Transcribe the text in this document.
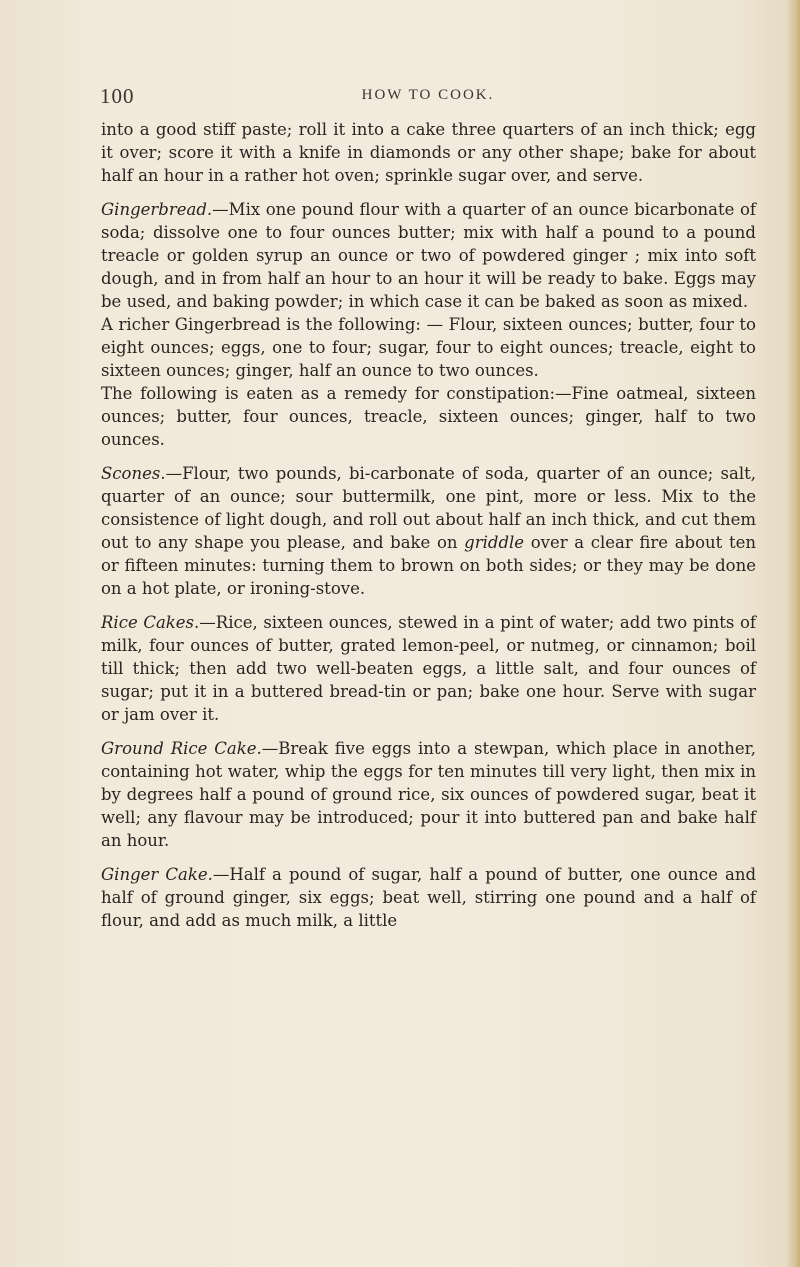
100	HOW TO COOK.

into a good stiff paste; roll it into a cake three quarters of an inch thick; egg it over; score it with a knife in diamonds or any other shape; bake for about half an hour in a rather hot oven; sprinkle sugar over, and serve.

Gingerbread.—Mix one pound flour with a quarter of an ounce bicarbonate of soda; dissolve one to four ounces butter; mix with half a pound to a pound treacle or golden syrup an ounce or two of powdered ginger ; mix into soft dough, and in from half an hour to an hour it will be ready to bake. Eggs may be used, and baking powder; in which case it can be baked as soon as mixed.

A richer Gingerbread is the following: — Flour, sixteen ounces; butter, four to eight ounces; eggs, one to four; sugar, four to eight ounces; treacle, eight to sixteen ounces; ginger, half an ounce to two ounces.

The following is eaten as a remedy for constipation:—Fine oatmeal, sixteen ounces; butter, four ounces, treacle, sixteen ounces; ginger, half to two ounces.

Scones.—Flour, two pounds, bi-carbonate of soda, quarter of an ounce; salt, quarter of an ounce; sour buttermilk, one pint, more or less. Mix to the consistence of light dough, and roll out about half an inch thick, and cut them out to any shape you please, and bake on griddle over a clear fire about ten or fifteen minutes: turning them to brown on both sides; or they may be done on a hot plate, or ironing-stove.

Rice Cakes.—Rice, sixteen ounces, stewed in a pint of water; add two pints of milk, four ounces of butter, grated lemon-peel, or nutmeg, or cinnamon; boil till thick; then add two well-beaten eggs, a little salt, and four ounces of sugar; put it in a buttered bread-tin or pan; bake one hour. Serve with sugar or jam over it.

Ground Rice Cake.—Break five eggs into a stewpan, which place in another, containing hot water, whip the eggs for ten minutes till very light, then mix in by degrees half a pound of ground rice, six ounces of powdered sugar, beat it well; any flavour may be introduced; pour it into buttered pan and bake half an hour.

Ginger Cake.—Half a pound of sugar, half a pound of butter, one ounce and half of ground ginger, six eggs; beat well, stirring one pound and a half of flour, and add as much milk, a little
